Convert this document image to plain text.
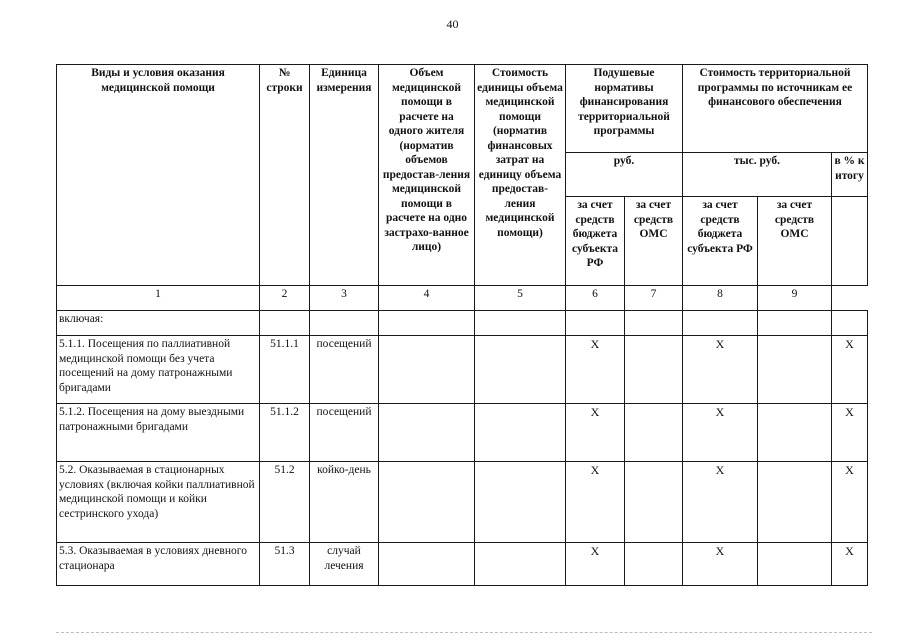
40
Виды и условия оказания медицинской помощи	№ строки	Единица измерения	Объем медицинской помощи в расчете на одного жителя (норматив объемов предостав-ления медицинской помощи в расчете на одно застрахо-ванное лицо)	Стоимость единицы объема медицинской помощи (норматив финансовых затрат на единицу объема предостав-ления медицинской помощи)	Подушевые нормативы финансирования территориальной программы		Стоимость территориальной программы по источникам ее финансового обеспечения		
					руб.		тыс. руб.		в % к итогу
					за счет средств бюджета субъекта РФ	за счет средств ОМС	за счет средств бюджета субъекта РФ	за счет средств ОМС	
1	2	3	4	5	6	7	8	9	
включая:									
5.1.1. Посещения по паллиативной медицинской помощи без учета посещений на дому патронажными бригадами	51.1.1	посещений			Х		Х		Х
5.1.2. Посещения на дому выездными патронажными бригадами	51.1.2	посещений			Х		Х		Х
5.2. Оказываемая в стационарных условиях (включая койки паллиативной медицинской помощи и койки сестринского ухода)	51.2	койко-день			Х		Х		Х
5.3. Оказываемая в условиях дневного стационара	51.3	случай лечения			Х		Х		Х
